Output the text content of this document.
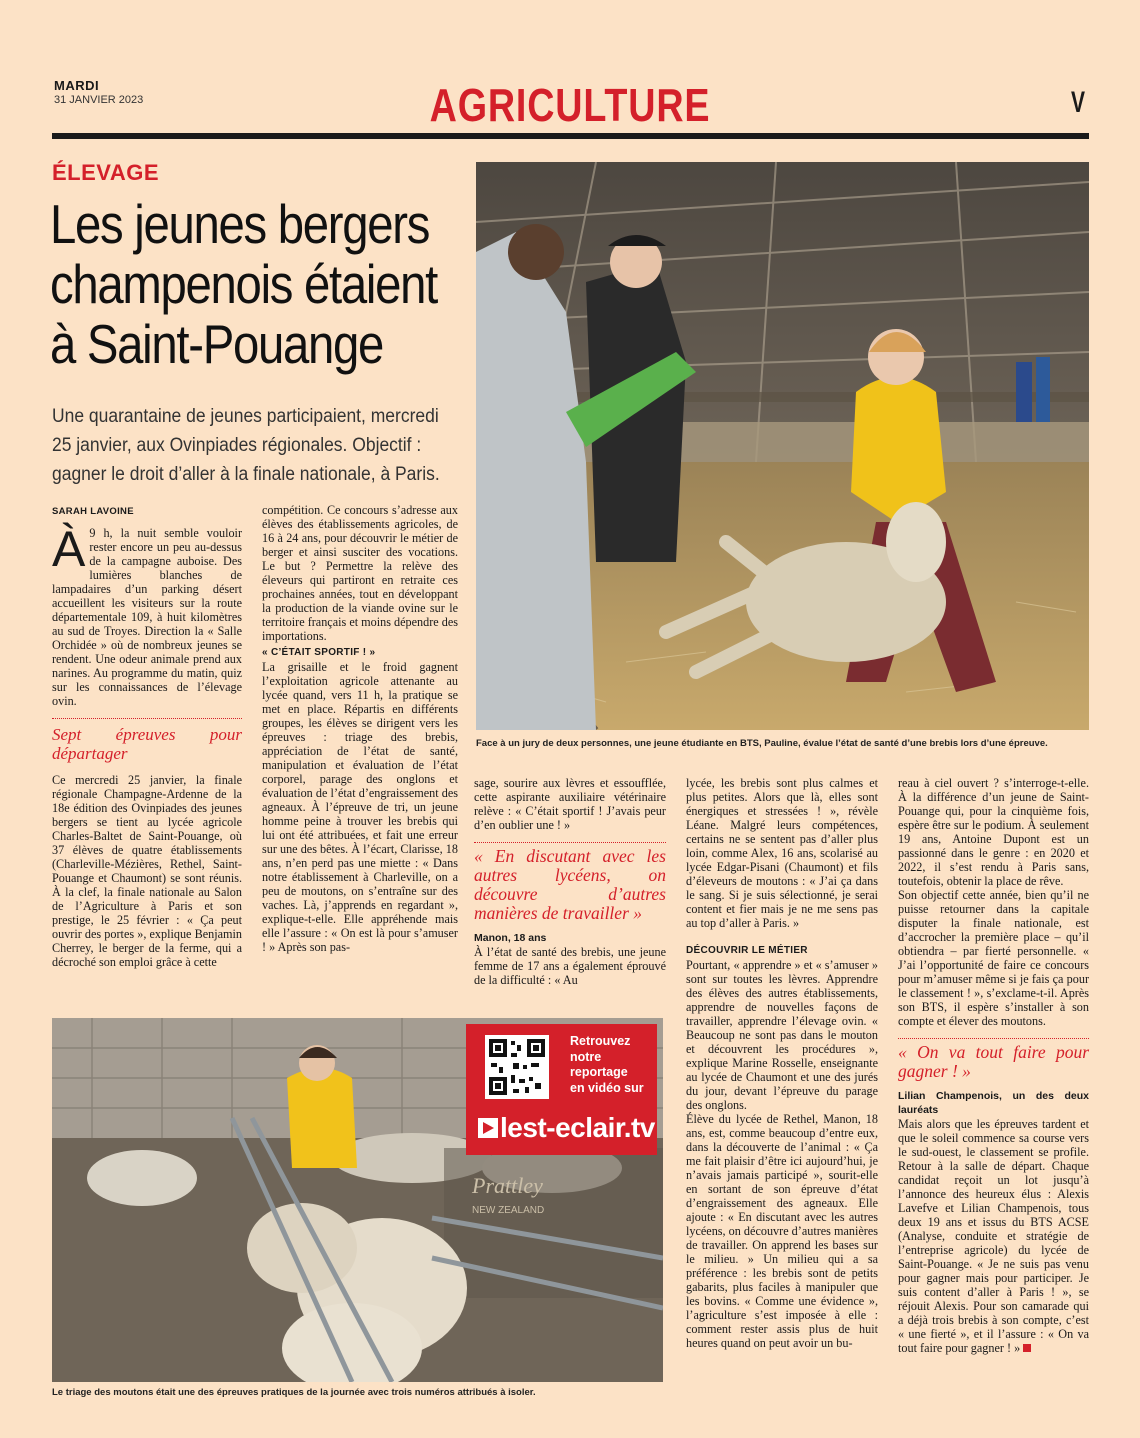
MARDI
31 JANVIER 2023	AGRICULTURE	V
Face à un jury de deux personnes, une jeune étudiante en BTS, Pauline, évalue l’état de santé d’une brebis lors d’une épreuve.
ÉLEVAGE
Les jeunes bergers
champenois étaient
à Saint-Pouange
Une quarantaine de jeunes participaient, mercredi
25 janvier, aux Ovinpiades régionales. Objectif :
gagner le droit d’aller à la finale nationale, à Paris.
SARAH LAVOINE

À 9 h, la nuit semble vouloir rester encore un peu au-dessus de la campagne auboise. Des lumières blanches de lampadaires d’un parking désert accueillent les visiteurs sur la route départementale 109, à huit kilomètres au sud de Troyes. Direction la « Salle Orchidée » où de nombreux jeunes se rendent. Une odeur animale prend aux narines. Au programme du matin, quiz sur les connaissances de l’élevage ovin.

Sept épreuves pour départager

Ce mercredi 25 janvier, la finale régionale Champagne-Ardenne de la 18e édition des Ovinpiades des jeunes bergers se tient au lycée agricole Charles-Baltet de Saint-Pouange, où 37 élèves de quatre établissements (Charleville-Mézières, Rethel, Saint-Pouange et Chaumont) se sont réunis. À la clef, la finale nationale au Salon de l’Agriculture à Paris et son prestige, le 25 février : « Ça peut ouvrir des portes », explique Benjamin Cherrey, le berger de la ferme, qui a décroché son emploi grâce à cette

compétition. Ce concours s’adresse aux élèves des établissements agricoles, de 16 à 24 ans, pour découvrir le métier de berger et ainsi susciter des vocations. Le but ? Permettre la relève des éleveurs qui partiront en retraite ces prochaines années, tout en développant la production de la viande ovine sur le territoire français et moins dépendre des importations.

« C’ÉTAIT SPORTIF ! »

La grisaille et le froid gagnent l’exploitation agricole attenante au lycée quand, vers 11 h, la pratique se met en place. Répartis en différents groupes, les élèves se dirigent vers les épreuves : triage des brebis, appréciation de l’état de santé, manipulation et évaluation de l’état corporel, parage des onglons et évaluation de l’état d’engraissement des agneaux. À l’épreuve de tri, un jeune homme peine à trouver les brebis qui lui ont été attribuées, et fait une erreur sur une des bêtes. À l’écart, Clarisse, 18 ans, n’en perd pas une miette : « Dans notre établissement à Charleville, on a peu de moutons, on s’entraîne sur des vaches. Là, j’apprends en regardant », explique-t-elle. Elle appréhende mais elle l’assure : « On est là pour s’amuser ! » Après son pas-

sage, sourire aux lèvres et essoufflée, cette aspirante auxiliaire vétérinaire relève : « C’était sportif ! J’avais peur d’en oublier une ! »

« En discutant avec les autres lycéens, on découvre d’autres manières de travailler »
Manon, 18 ans

À l’état de santé des brebis, une jeune femme de 17 ans a également éprouvé de la difficulté : « Au

lycée, les brebis sont plus calmes et plus petites. Alors que là, elles sont énergiques et stressées ! », révèle Léane. Malgré leurs compétences, certains ne se sentent pas d’aller plus loin, comme Alex, 16 ans, scolarisé au lycée Edgar-Pisani (Chaumont) et fils d’éleveurs de moutons : « J’ai ça dans le sang. Si je suis sélectionné, je serai content et fier mais je ne me sens pas au top d’aller à Paris. »

DÉCOUVRIR LE MÉTIER

Pourtant, « apprendre » et « s’amuser » sont sur toutes les lèvres. Apprendre des élèves des autres établissements, apprendre de nouvelles façons de travailler, apprendre l’élevage ovin. « Beaucoup ne sont pas dans le mouton et découvrent les procédures », explique Marine Rosselle, enseignante au lycée de Chaumont et une des jurés du jour, devant l’épreuve du parage des onglons.

Élève du lycée de Rethel, Manon, 18 ans, est, comme beaucoup d’entre eux, dans la découverte de l’animal : « Ça me fait plaisir d’être ici aujourd’hui, je n’avais jamais participé », sourit-elle en sortant de son épreuve d’état d’engraissement des agneaux. Elle ajoute : « En discutant avec les autres lycéens, on découvre d’autres manières de travailler. On apprend les bases sur le milieu. » Un milieu qui a sa préférence : les brebis sont de petits gabarits, plus faciles à manipuler que les bovins. « Comme une évidence », l’agriculture s’est imposée à elle : comment rester assis plus de huit heures quand on peut avoir un bu-

reau à ciel ouvert ? s’interroge-t-elle. À la différence d’un jeune de Saint-Pouange qui, pour la cinquième fois, espère être sur le podium. À seulement 19 ans, Antoine Dupont est un passionné dans le genre : en 2020 et 2022, il s’est rendu à Paris sans, toutefois, obtenir la place de rêve.

Son objectif cette année, bien qu’il ne puisse retourner dans la capitale disputer la finale nationale, est d’accrocher la première place – qu’il obtiendra – par fierté personnelle. « J’ai l’opportunité de faire ce concours pour m’amuser même si je fais ça pour le classement ! », s’exclame-t-il. Après son BTS, il espère s’installer à son compte et élever des moutons.

« On va tout faire pour gagner ! »
Lilian Champenois, un des deux lauréats

Mais alors que les épreuves tardent et que le soleil commence sa course vers le sud-ouest, le classement se profile. Retour à la salle de départ. Chaque candidat reçoit un lot jusqu’à l’annonce des heureux élus : Alexis Lavefve et Lilian Champenois, tous deux 19 ans et issus du BTS ACSE (Analyse, conduite et stratégie de l’entreprise agricole) du lycée de Saint-Pouange. « Je ne suis pas venu pour gagner mais pour participer. Je suis content d’aller à Paris ! », se réjouit Alexis. Pour son camarade qui a déjà trois brebis à son compte, c’est « une fierté », et il l’assure : « On va tout faire pour gagner ! »

Prattley
NEW ZEALAND
Le triage des moutons était une des épreuves pratiques de la journée avec trois numéros attribués à isoler.
Retrouvez
notre
reportage
en vidéo sur
lest-eclair.tv
